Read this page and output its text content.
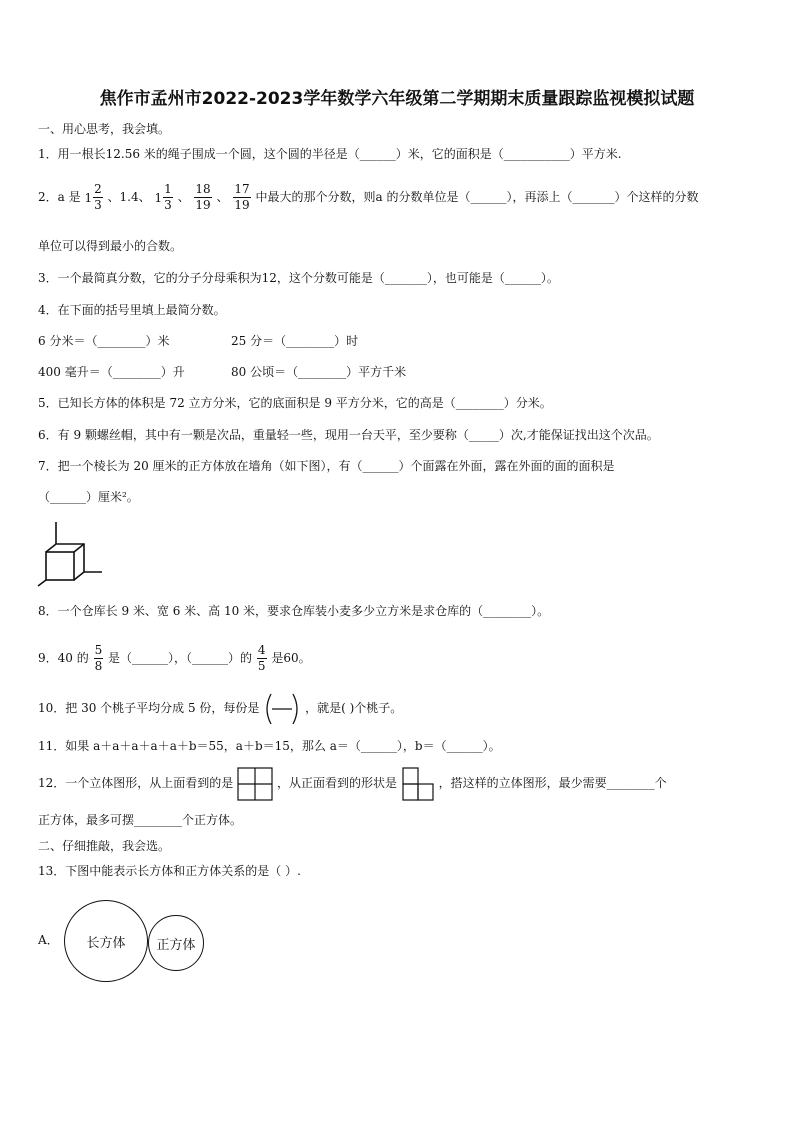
焦作市孟州市2022-2023学年数学六年级第二学期期末质量跟踪监视模拟试题
一、用心思考，我会填。
1．用一根长12.56 米的绳子围成一个圆，这个圆的半径是（______）米，它的面积是（___________）平方米.
2．a 是 $1 \frac{2}{3}$ 、1.4、 $1 \frac{1}{3}$ 、 $\frac{18}{19}$ 、 $\frac{17}{19}$ 中最大的那个分数，则a 的分数单位是（______），再添上（_______）个这样的分数
单位可以得到最小的合数。
3．一个最简真分数，它的分子分母乘积为12，这个分数可能是（_______），也可能是（______）。
4．在下面的括号里填上最简分数。
6 分米＝（________）米	25 分＝（________）时
400 毫升＝（________）升	80 公顷＝（________）平方千米
5．已知长方体的体积是 72 立方分米，它的底面积是 9 平方分米，它的高是（________）分米。
6．有 9 颗螺丝帽，其中有一颗是次品，重量轻一些，现用一台天平，至少要称（_____）次,才能保证找出这个次品。
7．把一个棱长为 20 厘米的正方体放在墙角（如下图），有（______）个面露在外面，露在外面的面的面积是
（______）厘米²。
8．一个仓库长 9 米、宽 6 米、高 10 米，要求仓库装小麦多少立方米是求仓库的（________）。
9．40 的 $\frac{5}{8}$ 是（______），（______）的 $\frac{4}{5}$ 是60。
10．把 30 个桃子平均分成 5 份，每份是	，就是( )个桃子。
11．如果 a＋a＋a＋a＋a＋b＝55，a＋b＝15，那么 a＝（______），b＝（______）。
12．一个立体图形，从上面看到的是	，从正面看到的形状是	，搭这样的立体图形，最少需要________个
正方体，最多可摆________个正方体。
二、仔细推敲，我会选。
13．下图中能表示长方体和正方体关系的是（ ）.
A． 长方体 正方体
